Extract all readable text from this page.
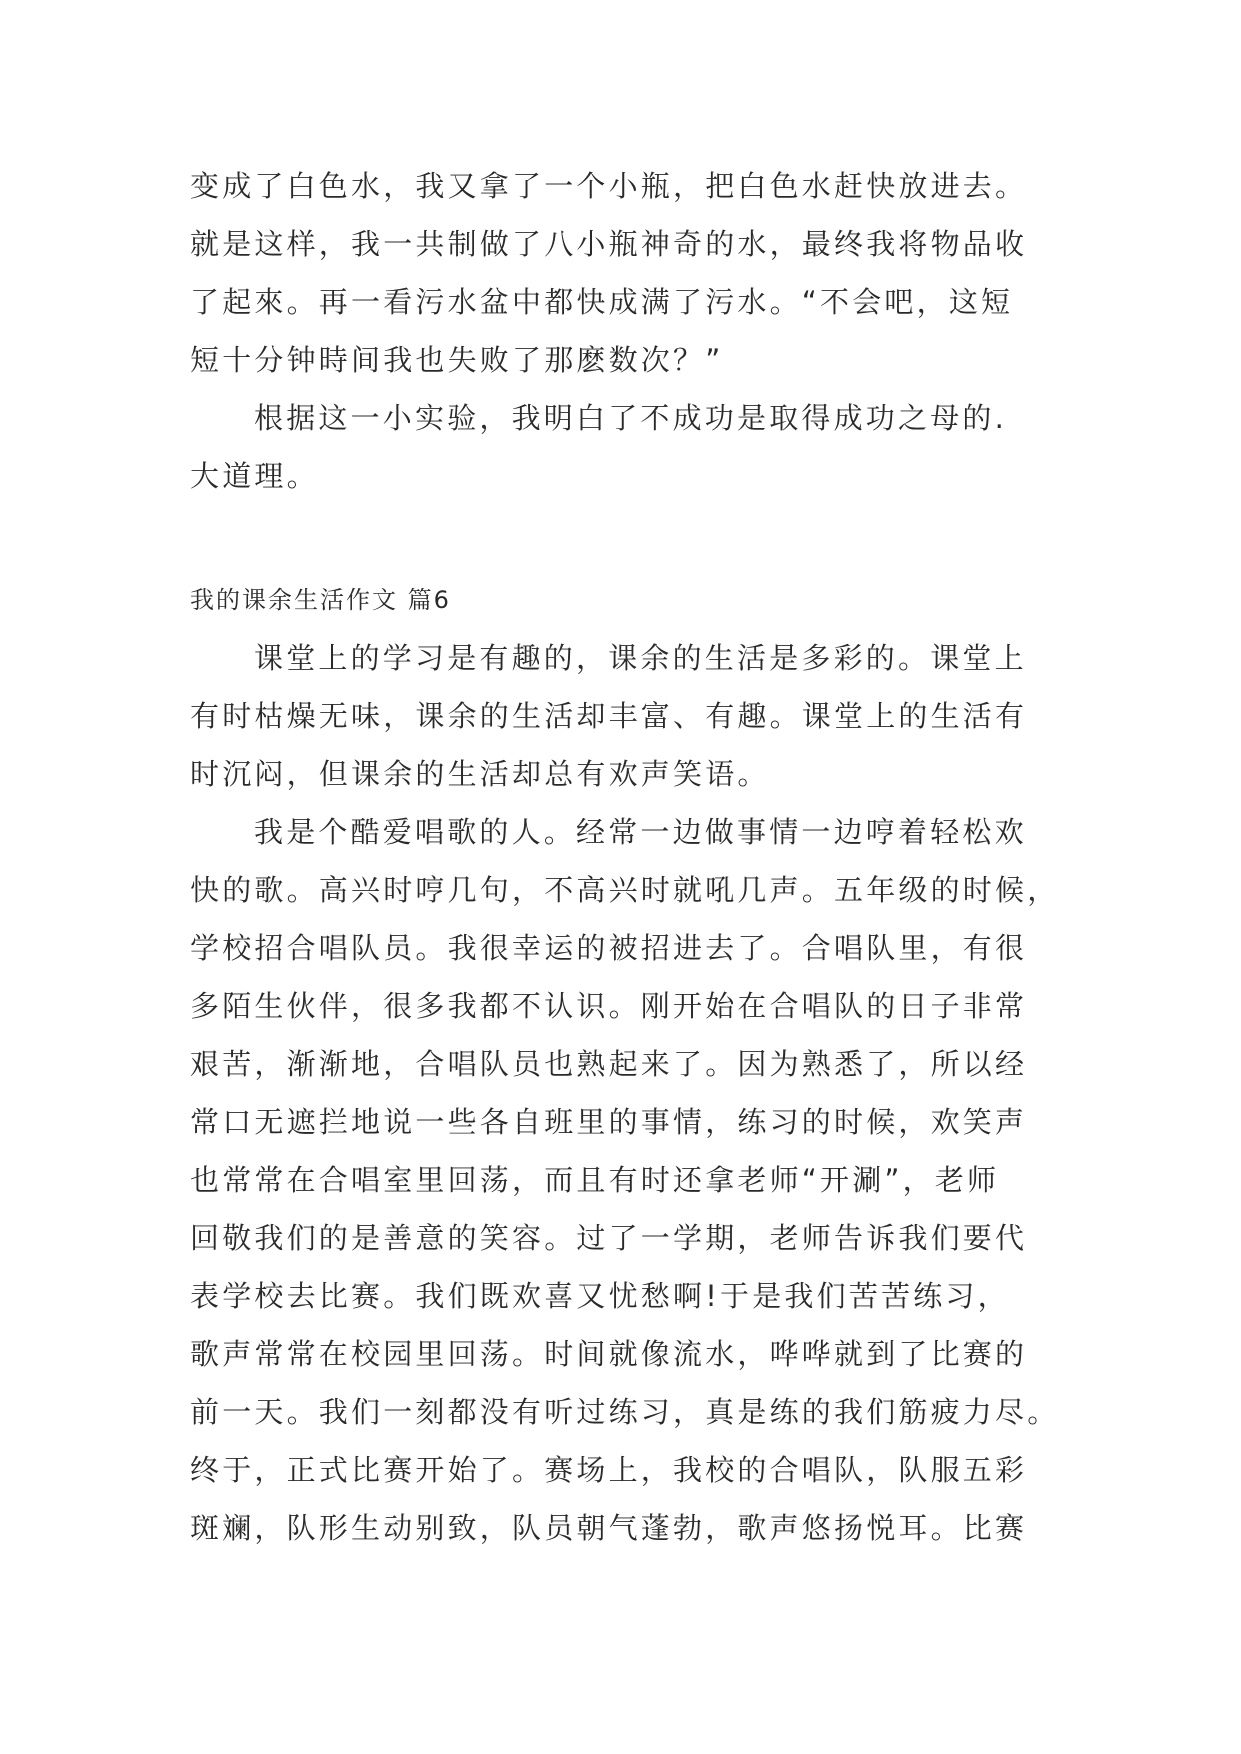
变成了白色水，我又拿了一个小瓶，把白色水赶快放进去。
就是这样，我一共制做了八小瓶神奇的水，最终我将物品收
了起來。再一看污水盆中都快成满了污水。“不会吧，这短
短十分钟時间我也失败了那麽数次？”
根据这一小实验，我明白了不成功是取得成功之母的.
大道理。
我的课余生活作文 篇6
课堂上的学习是有趣的，课余的生活是多彩的。课堂上
有时枯燥无味，课余的生活却丰富、有趣。课堂上的生活有
时沉闷，但课余的生活却总有欢声笑语。
我是个酷爱唱歌的人。经常一边做事情一边哼着轻松欢
快的歌。高兴时哼几句，不高兴时就吼几声。五年级的时候，
学校招合唱队员。我很幸运的被招进去了。合唱队里，有很
多陌生伙伴，很多我都不认识。刚开始在合唱队的日子非常
艰苦，渐渐地，合唱队员也熟起来了。因为熟悉了，所以经
常口无遮拦地说一些各自班里的事情，练习的时候，欢笑声
也常常在合唱室里回荡，而且有时还拿老师“开涮”，老师
回敬我们的是善意的笑容。过了一学期，老师告诉我们要代
表学校去比赛。我们既欢喜又忧愁啊!于是我们苦苦练习，
歌声常常在校园里回荡。时间就像流水，哗哗就到了比赛的
前一天。我们一刻都没有听过练习，真是练的我们筋疲力尽。
终于，正式比赛开始了。赛场上，我校的合唱队，队服五彩
斑斓，队形生动别致，队员朝气蓬勃，歌声悠扬悦耳。比赛
